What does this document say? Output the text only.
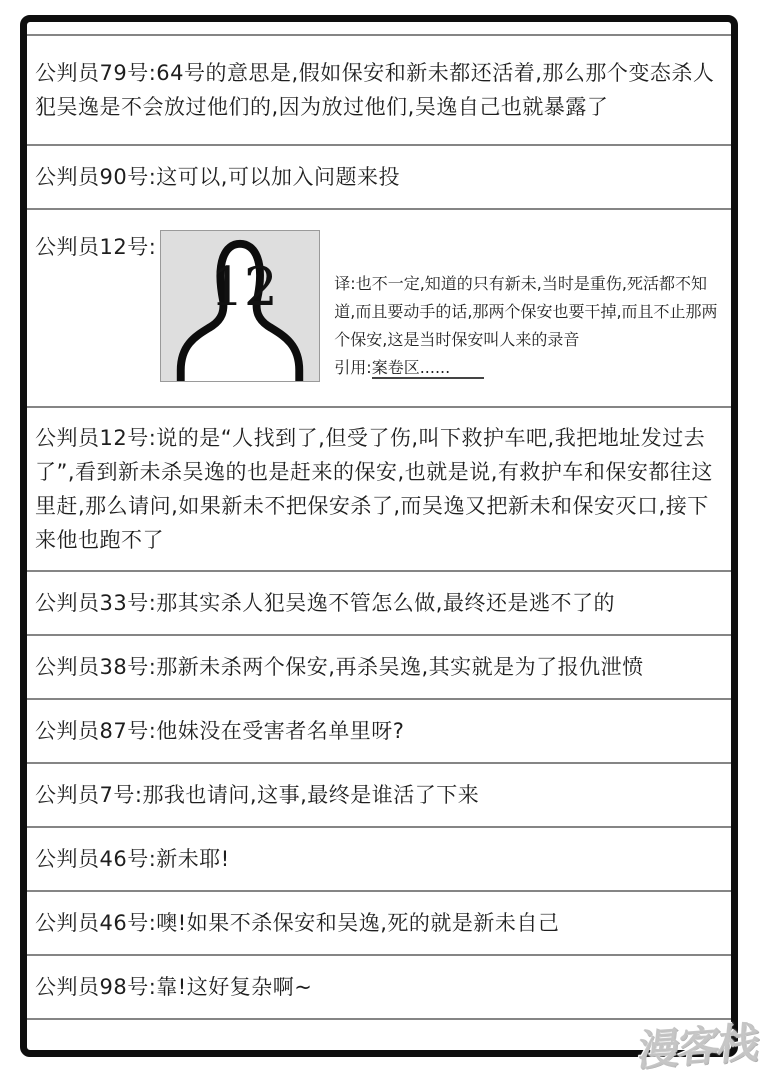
公判员79号:64号的意思是,假如保安和新未都还活着,那么那个变态杀人犯吴逸是不会放过他们的,因为放过他们,吴逸自己也就暴露了

公判员90号:这可以,可以加入问题来投

公判员12号:

12	译:也不一定,知道的只有新未,当时是重伤,死活都不知道,而且要动手的话,那两个保安也要干掉,而且不止那两个保安,这是当时保安叫人来的录音
引用:案卷区......

公判员12号:说的是“人找到了,但受了伤,叫下救护车吧,我把地址发过去了”,看到新未杀吴逸的也是赶来的保安,也就是说,有救护车和保安都往这里赶,那么请问,如果新未不把保安杀了,而吴逸又把新未和保安灭口,接下来他也跑不了

公判员33号:那其实杀人犯吴逸不管怎么做,最终还是逃不了的

公判员38号:那新未杀两个保安,再杀吴逸,其实就是为了报仇泄愤

公判员87号:他妹没在受害者名单里呀?

公判员7号:那我也请问,这事,最终是谁活了下来

公判员46号:新未耶!

公判员46号:噢!如果不杀保安和吴逸,死的就是新未自己

公判员98号:靠!这好复杂啊~

漫客栈
